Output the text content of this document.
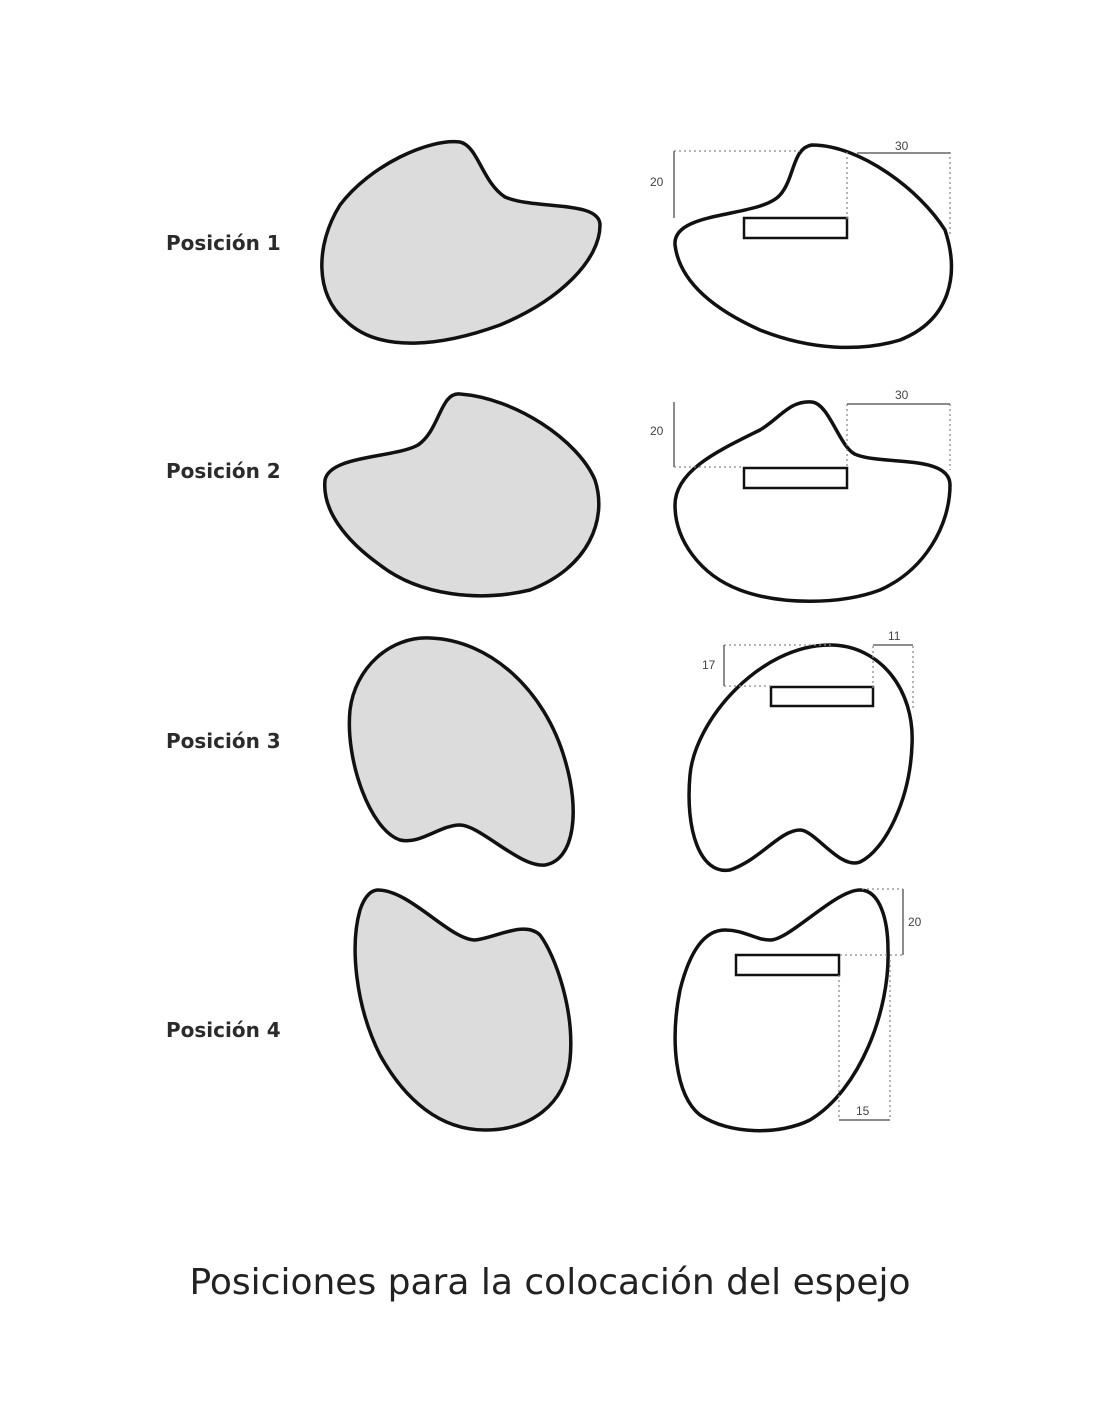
Posición 1
20
30
Posición 2
20
30
Posición 3
17
11
Posición 4
20
15

Posiciones para la colocación del espejo
